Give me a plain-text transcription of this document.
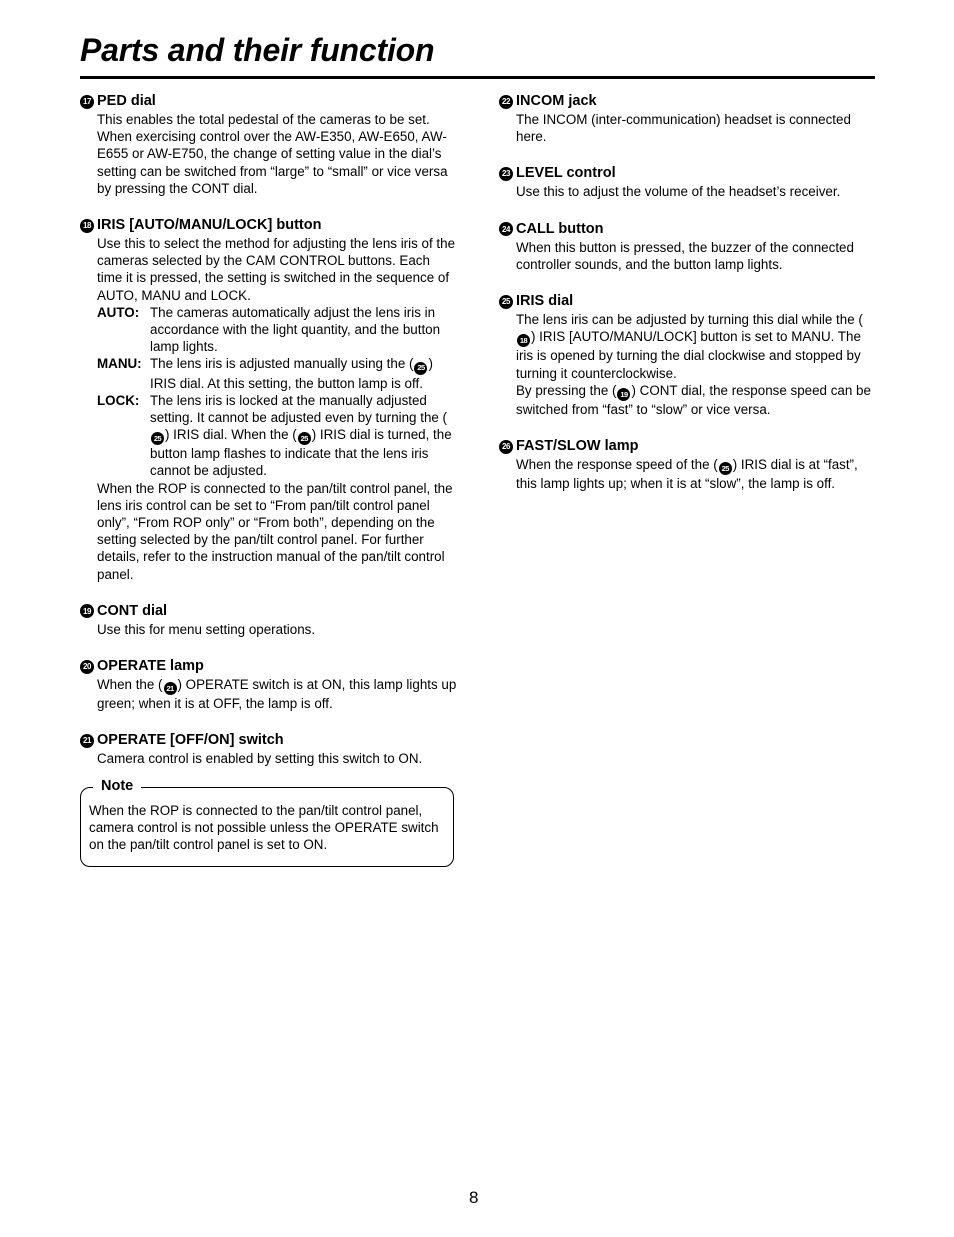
Parts and their function
17 PED dial

This enables the total pedestal of the cameras to be set. When exercising control over the AW-E350, AW-E650, AW-E655 or AW-E750, the change of setting value in the dial’s setting can be switched from “large” to “small” or vice versa by pressing the CONT dial.

18 IRIS [AUTO/MANU/LOCK] button

Use this to select the method for adjusting the lens iris of the cameras selected by the CAM CONTROL buttons. Each time it is pressed, the setting is switched in the sequence of AUTO, MANU and LOCK.

AUTO: The cameras automatically adjust the lens iris in accordance with the light quantity, and the button lamp lights.
MANU: The lens iris is adjusted manually using the ( 25 ) IRIS dial. At this setting, the button lamp is off.
LOCK: The lens iris is locked at the manually adjusted setting. It cannot be adjusted even by turning the (25 ) IRIS dial. When the ( 25 ) IRIS dial is turned, the button lamp flashes to indicate that the lens iris cannot be adjusted.

When the ROP is connected to the pan/tilt control panel, the lens iris control can be set to “From pan/tilt control panel only”, “From ROP only” or “From both”, depending on the setting selected by the pan/tilt control panel. For further details, refer to the instruction manual of the pan/tilt control panel.

19 CONT dial

Use this for menu setting operations.

20 OPERATE lamp

When the ( 21 ) OPERATE switch is at ON, this lamp lights up green; when it is at OFF, the lamp is off.

21 OPERATE [OFF/ON] switch

Camera control is enabled by setting this switch to ON.

Note

When the ROP is connected to the pan/tilt control panel, camera control is not possible unless the OPERATE switch on the pan/tilt control panel is set to ON.

22 INCOM jack

The INCOM (inter-communication) headset is connected here.

23 LEVEL control

Use this to adjust the volume of the headset’s receiver.

24 CALL button

When this button is pressed, the buzzer of the connected controller sounds, and the button lamp lights.

25 IRIS dial

The lens iris can be adjusted by turning this dial while the (18 ) IRIS [AUTO/MANU/LOCK] button is set to MANU. The iris is opened by turning the dial clockwise and stopped by turning it counterclockwise.

By pressing the ( 19 ) CONT dial, the response speed can be switched from “fast” to “slow” or vice versa.

26 FAST/SLOW lamp

When the response speed of the ( 25 ) IRIS dial is at “fast”, this lamp lights up; when it is at “slow”, the lamp is off.

8
